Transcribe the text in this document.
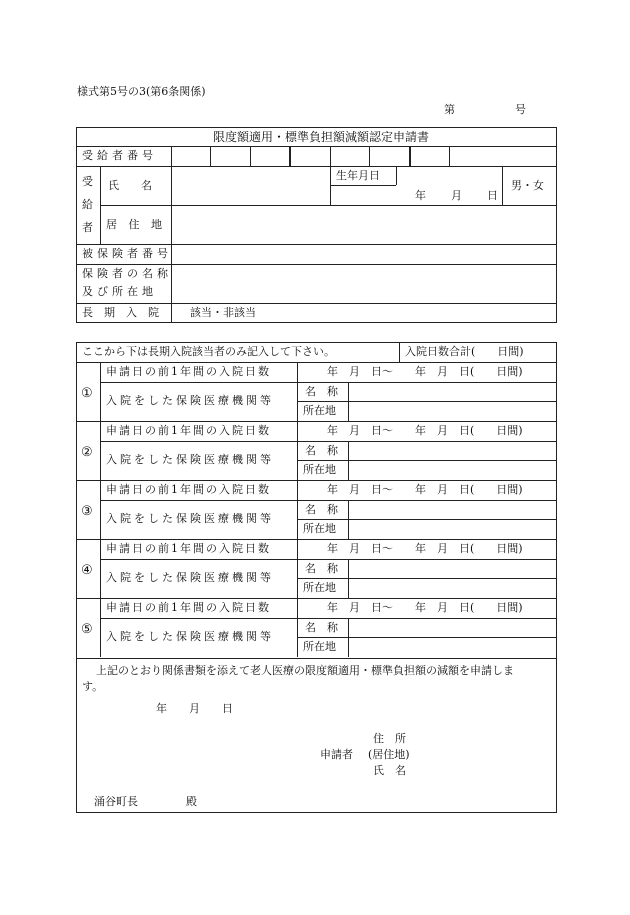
様式第5号の3(第6条関係)
第	号
限度額適用・標準負担額減額認定申請書
受給者番号
受
給
者
氏　　名
生年月日
年 月 日
男・女
居 住 地
被保険者番号
保険者の名称
及び所在地
長　期　入　院	該当・非該当
ここから下は長期入院該当者のみ記入して下さい。	入院日数合計(　　日間)
①
申請日の前1年間の入院日数	年　月　日〜　　年　月　日(　　日間)
入院をした保険医療機関等
名　称
所在地
②
申請日の前1年間の入院日数	年　月　日〜　　年　月　日(　　日間)
入院をした保険医療機関等
名　称
所在地
③
申請日の前1年間の入院日数	年　月　日〜　　年　月　日(　　日間)
入院をした保険医療機関等
名　称
所在地
④
申請日の前1年間の入院日数	年　月　日〜　　年　月　日(　　日間)
入院をした保険医療機関等
名　称
所在地
⑤
申請日の前1年間の入院日数	年　月　日〜　　年　月　日(　　日間)
入院をした保険医療機関等
名　称
所在地
上記のとおり関係書類を添えて老人医療の限度額適用・標準負担額の減額を申請しま
す。
年　　月　　日
住　所
申請者 (居住地)
氏　名
涌谷町長	殿
